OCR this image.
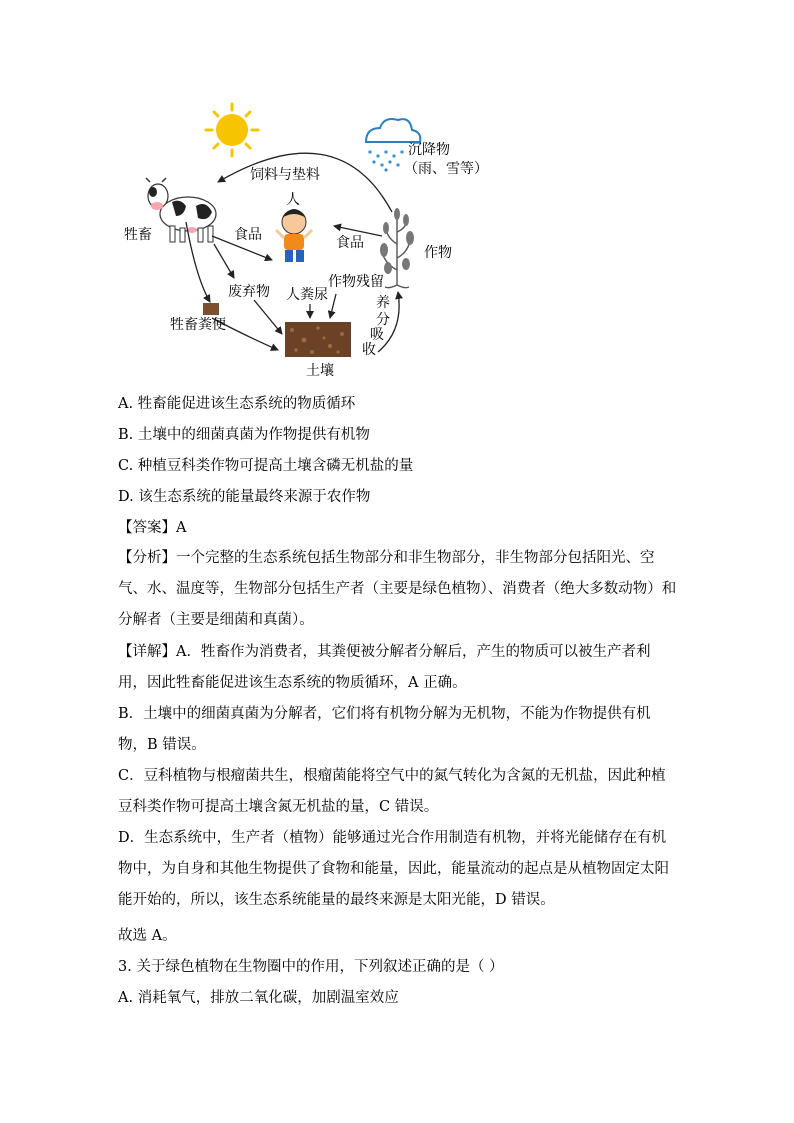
饲料与垫料
沉降物
（雨、雪等）
人
牲畜	食品	食品
作物
废弃物 人粪尿
作物残留
牲畜粪便
土壤
养
分
吸
收
A. 牲畜能促进该生态系统的物质循环
B. 土壤中的细菌真菌为作物提供有机物
C. 种植豆科类作物可提高土壤含磷无机盐的量
D. 该生态系统的能量最终来源于农作物
【答案】A
【分析】一个完整的生态系统包括生物部分和非生物部分，非生物部分包括阳光、空气、水、温度等，生物部分包括生产者（主要是绿色植物）、消费者（绝大多数动物）和分解者（主要是细菌和真菌）。
【详解】A．牲畜作为消费者，其粪便被分解者分解后，产生的物质可以被生产者利用，因此牲畜能促进该生态系统的物质循环，A 正确。
B．土壤中的细菌真菌为分解者，它们将有机物分解为无机物，不能为作物提供有机物，B 错误。
C．豆科植物与根瘤菌共生，根瘤菌能将空气中的氮气转化为含氮的无机盐，因此种植豆科类作物可提高土壤含氮无机盐的量，C 错误。
D．生态系统中，生产者（植物）能够通过光合作用制造有机物，并将光能储存在有机物中，为自身和其他生物提供了食物和能量，因此，能量流动的起点是从植物固定太阳能开始的，所以，该生态系统能量的最终来源是太阳光能，D 错误。
故选 A。
3. 关于绿色植物在生物圈中的作用，下列叙述正确的是（ ）
A. 消耗氧气，排放二氧化碳，加剧温室效应
